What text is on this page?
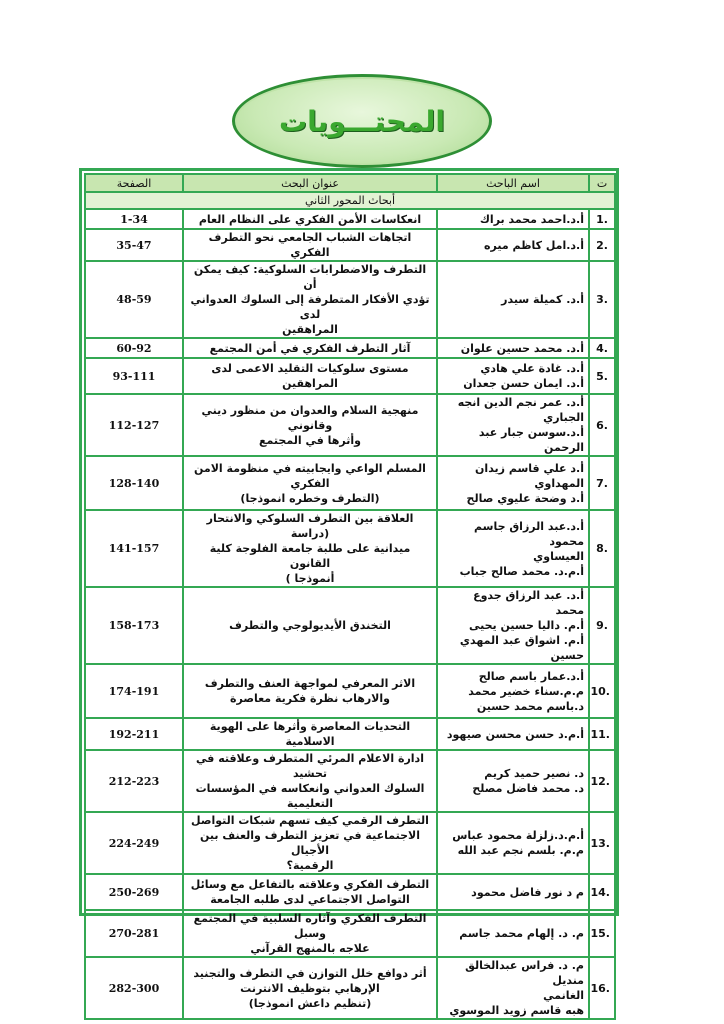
المحتـــويات
ت	اسم الباحث	عنوان البحث	الصفحة
أبحاث المحور الثاني			
1.	أ.د.احمد محمد براك	انعكاسات الأمن الفكري على النظام العام	1-34
2.	أ.د.امل كاظم ميره	اتجاهات الشباب الجامعي نحو التطرف الفكري	35-47
3.	أ.د. كميلة سيدر	التطرف والاضطرابات السلوكية: كيف يمكن أن
تؤدي الأفكار المتطرفة إلى السلوك العدواني لدى
المراهقين	48-59
4.	أ.د. محمد حسين علوان	آثار التطرف الفكري في أمن المجتمع	60-92
5.	أ.د. غادة علي هادي
أ.د. ايمان حسن جعدان	مستوى سلوكيات التقليد الاعمى لدى المراهقين	93-111
6.	أ.د. عمر نجم الدين انجه
الجباري
أ.د.سوسن جبار عبد الرحمن	منهجية السلام والعدوان من منظور ديني وقانوني
وأثرها في المجتمع	112-127
7.	أ.د علي قاسم زيدان المهداوي
أ.د وضحة عليوي صالح	المسلم الواعي وايجابيته في منظومة الامن
الفكري
(التطرف وخطره انموذجا)	128-140
8.	أ.د.عبد الرزاق جاسم محمود
العيساوي
أ.م.د. محمد صالح جباب	العلاقة بين التطرف السلوكي والانتحار (دراسة
ميدانية على طلبة جامعة الفلوجة كلية القانون
أنموذجا )	141-157
9.	أ.د. عبد الرزاق جدوع محمد
أ.م. داليا حسين يحيى
أ.م. اشواق عبد المهدي حسين	التخندق الأيديولوجي والتطرف	158-173
10.	أ.د.عمار باسم صالح
م.م.سناء خضير محمد
د.باسم محمد حسين	الاثر المعرفي لمواجهة العنف والتطرف
والارهاب نظرة فكرية معاصرة	174-191
11.	أ.م.د حسن محسن صيهود	التحديات المعاصرة وأثرها على الهوية الاسلامية	192-211
12.	د. نصير حميد كريم
د. محمد فاضل مصلح	ادارة الاعلام المرئي المتطرف وعلاقته في تحشيد
السلوك العدواني وانعكاسه في المؤسسات
التعليمية	212-223
13.	أ.م.د.زلزلة محمود عباس
م.م. بلسم نجم عبد الله	التطرف الرقمي كيف تسهم شبكات التواصل
الاجتماعية في تعزيز التطرف والعنف بين الأجيال
الرقمية؟	224-249
14.	م د نور فاضل محمود	التطرف الفكري وعلاقته بالتفاعل مع وسائل
التواصل الاجتماعي لدى طلبه الجامعة	250-269
15.	م. د. إلهام محمد جاسم	التطرف الفكري وآثاره السلبية في المجتمع وسبل
علاجه بالمنهج القرآني	270-281
16.	م. د. فراس عبدالخالق منديل
الغانمي
هبه قاسم زويد الموسوي	أثر دوافع خلل التوازن في التطرف والتجنيد
الإرهابي بتوظيف الانترنت
(تنظيم داعش انموذجا)	282-300
